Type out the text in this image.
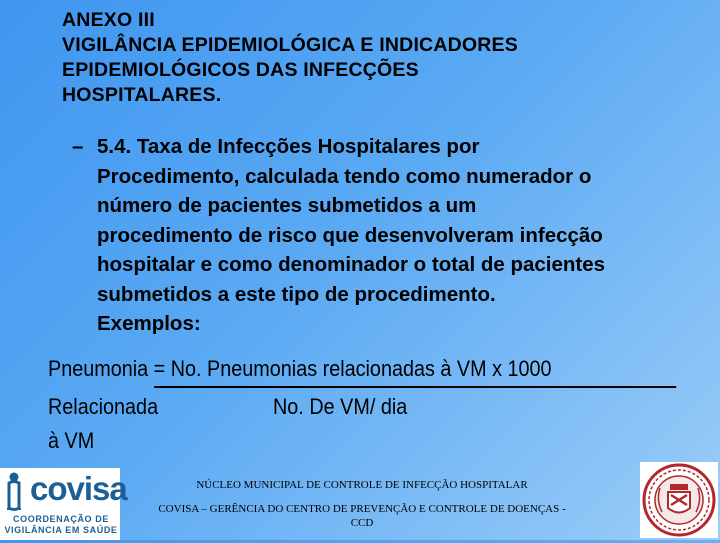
ANEXO III
VIGILÂNCIA EPIDEMIOLÓGICA E INDICADORES
EPIDEMIOLÓGICOS DAS INFECÇÕES
HOSPITALARES.
– 5.4. Taxa de Infecções Hospitalares por
Procedimento, calculada tendo como numerador o
número de pacientes submetidos a um
procedimento de risco que desenvolveram infecção
hospitalar e como denominador o total de pacientes
submetidos a este tipo de procedimento.
Exemplos:
Pneumonia = No. Pneumonias relacionadas à VM x 1000
Relacionada	No. De VM/ dia
à VM
covisa
COORDENAÇÃO DE
VIGILÂNCIA EM SAÚDE
NÚCLEO MUNICIPAL DE CONTROLE DE INFECÇÃO HOSPITALAR
COVISA – GERÊNCIA DO CENTRO DE PREVENÇÃO E CONTROLE DE DOENÇAS - CCD
